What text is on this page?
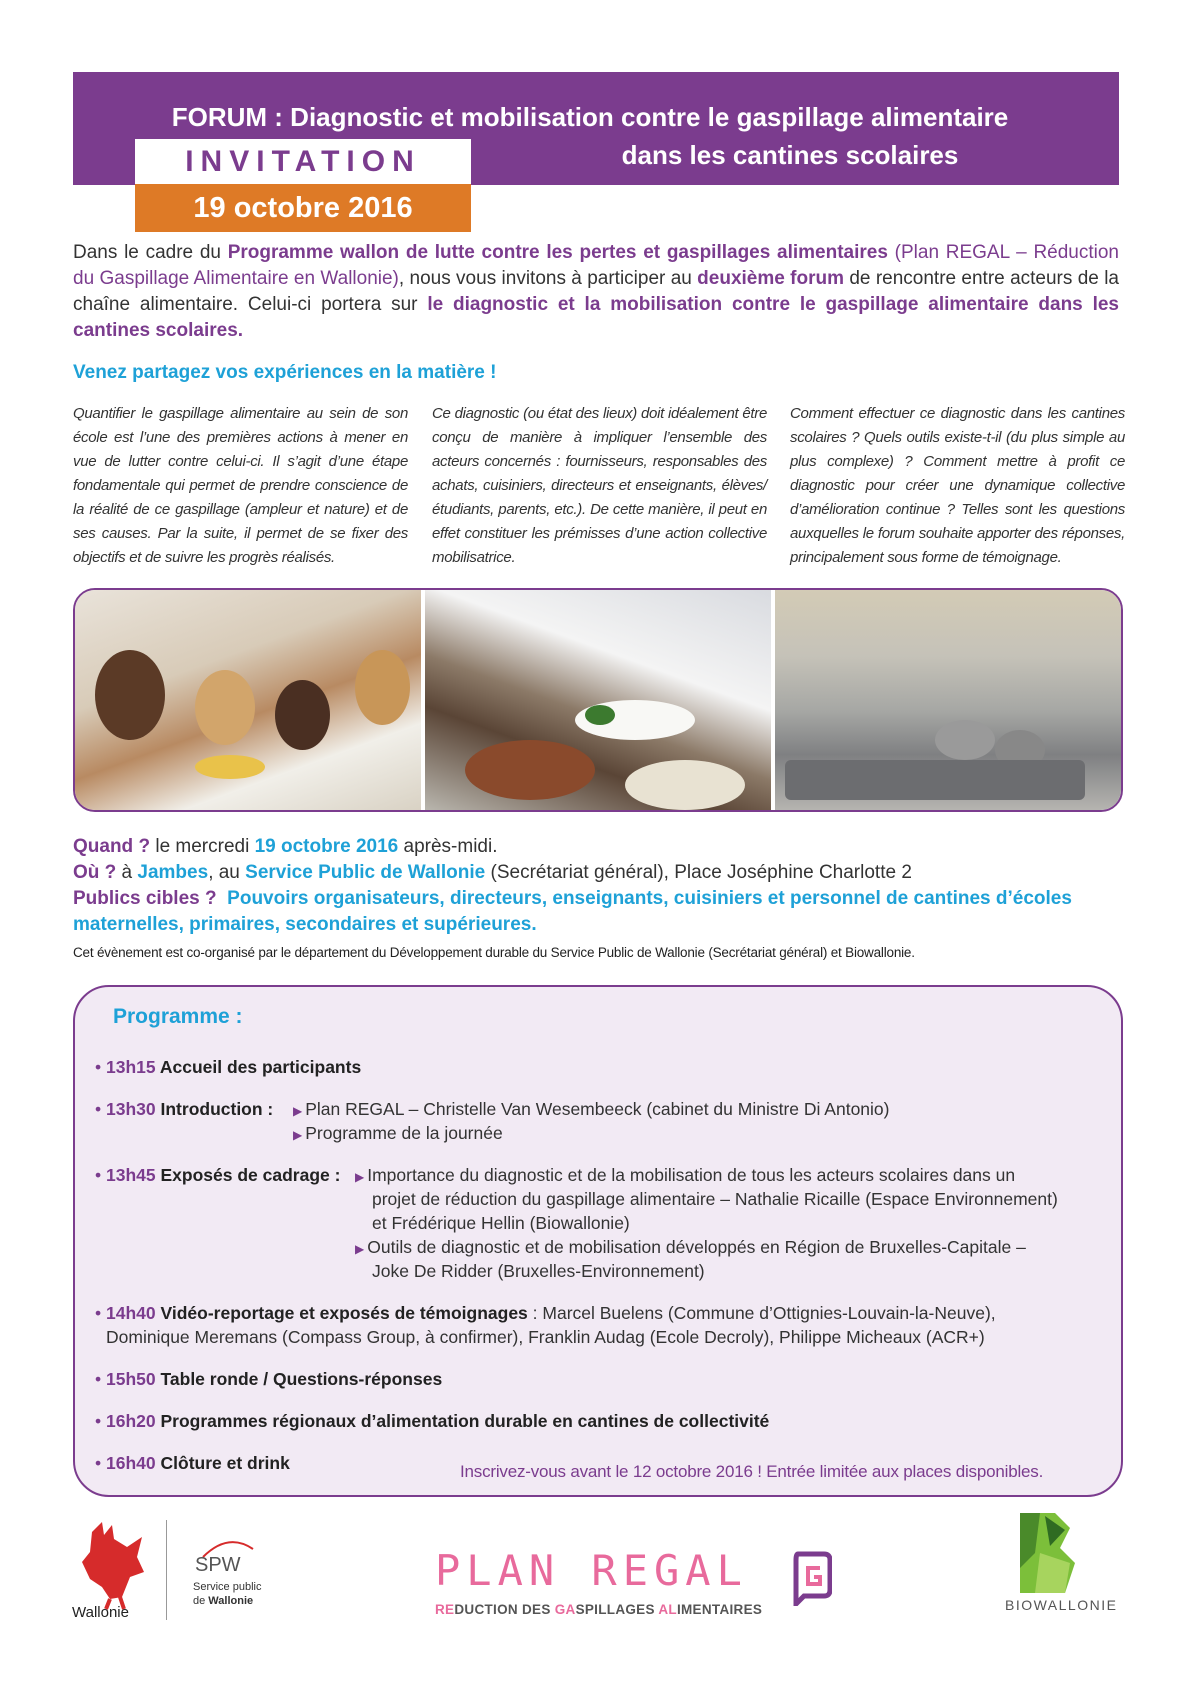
FORUM : Diagnostic et mobilisation contre le gaspillage alimentaire
dans les cantines scolaires
INVITATION
19 octobre 2016
Dans le cadre du Programme wallon de lutte contre les pertes et gaspillages alimentaires (Plan REGAL – Réduction du Gaspillage Alimentaire en Wallonie), nous vous invitons à participer au deuxième forum de rencontre entre acteurs de la chaîne alimentaire. Celui-ci portera sur le diagnostic et la mobilisation contre le gaspillage alimentaire dans les cantines scolaires.
Venez partagez vos expériences en la matière !
Quantifier le gaspillage alimentaire au sein de son école est l’une des premières actions à mener en vue de lutter contre celui-ci. Il s’agit d’une étape fondamentale qui permet de prendre conscience de la réalité de ce gaspillage (ampleur et nature) et de ses causes. Par la suite, il permet de se fixer des objectifs et de suivre les progrès réalisés.
Ce diagnostic (ou état des lieux) doit idéalement être conçu de manière à impliquer l’ensemble des acteurs concernés : fournisseurs, responsables des achats, cuisiniers, directeurs et enseignants, élèves/ étudiants, parents, etc.). De cette manière, il peut en effet constituer les prémisses d’une action collective mobilisatrice.
Comment effectuer ce diagnostic dans les cantines scolaires ? Quels outils existe-t-il (du plus simple au plus complexe) ? Comment mettre à profit ce diagnostic pour créer une dynamique collective d’amélioration continue ? Telles sont les questions auxquelles le forum souhaite apporter des réponses, principalement sous forme de témoignage.
Quand ? le mercredi 19 octobre 2016 après-midi.
Où ? à Jambes, au Service Public de Wallonie (Secrétariat général), Place Joséphine Charlotte 2
Publics cibles ? Pouvoirs organisateurs, directeurs, enseignants, cuisiniers et personnel de cantines d’écoles maternelles, primaires, secondaires et supérieures.
Cet évènement est co-organisé par le département du Développement durable du Service Public de Wallonie (Secrétariat général) et Biowallonie.
Programme :
• 13h15 Accueil des participants
• 13h30 Introduction : ▶ Plan REGAL – Christelle Van Wesembeeck (cabinet du Ministre Di Antonio)
▶ Programme de la journée
• 13h45 Exposés de cadrage : ▶ Importance du diagnostic et de la mobilisation de tous les acteurs scolaires dans un
projet de réduction du gaspillage alimentaire – Nathalie Ricaille (Espace Environnement)
et Frédérique Hellin (Biowallonie)
▶ Outils de diagnostic et de mobilisation développés en Région de Bruxelles-Capitale –
Joke De Ridder (Bruxelles-Environnement)
• 14h40 Vidéo-reportage et exposés de témoignages : Marcel Buelens (Commune d’Ottignies-Louvain-la-Neuve),
Dominique Meremans (Compass Group, à confirmer), Franklin Audag (Ecole Decroly), Philippe Micheaux (ACR+)
• 15h50 Table ronde / Questions-réponses
• 16h20 Programmes régionaux d’alimentation durable en cantines de collectivité
• 16h40 Clôture et drink	Inscrivez-vous avant le 12 octobre 2016 ! Entrée limitée aux places disponibles.
Wallonie
SPW
Service public
de Wallonie
PLAN REGAL
REDUCTION DES GASPILLAGES ALIMENTAIRES	BIOWALLONIE
